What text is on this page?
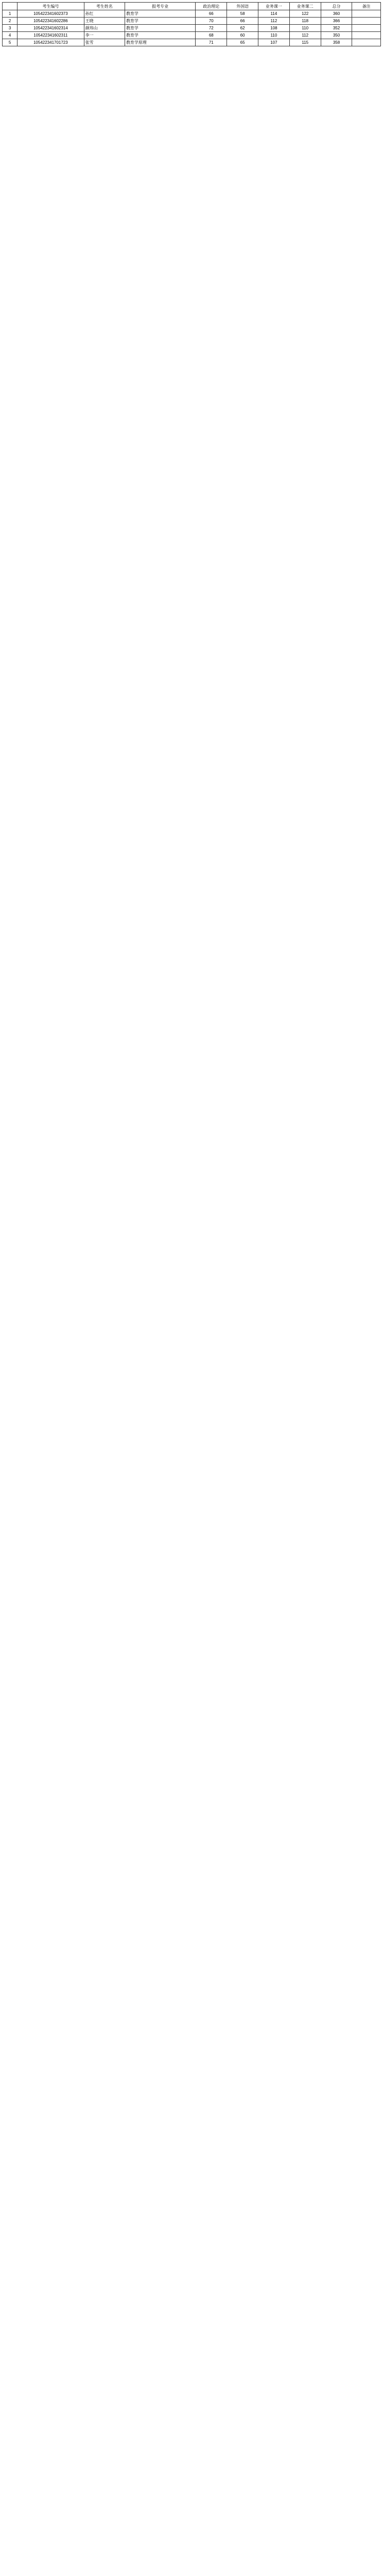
	考生编号	考生姓名	报考专业	政治理论	外国语	业务课一	业务课二	总分	备注
1	105422341602373	孙红	教育学	66	58	114	122	360	
2	105422341602286	王晓	教育学	70	66	112	118	366	
3	105422341602314	颜玮山	教育学	72	62	108	110	352	
4	105422341602311	李一	教育学	68	60	110	112	350	
5	105422341701723	张雪	教育学原理	71	65	107	115	358	
